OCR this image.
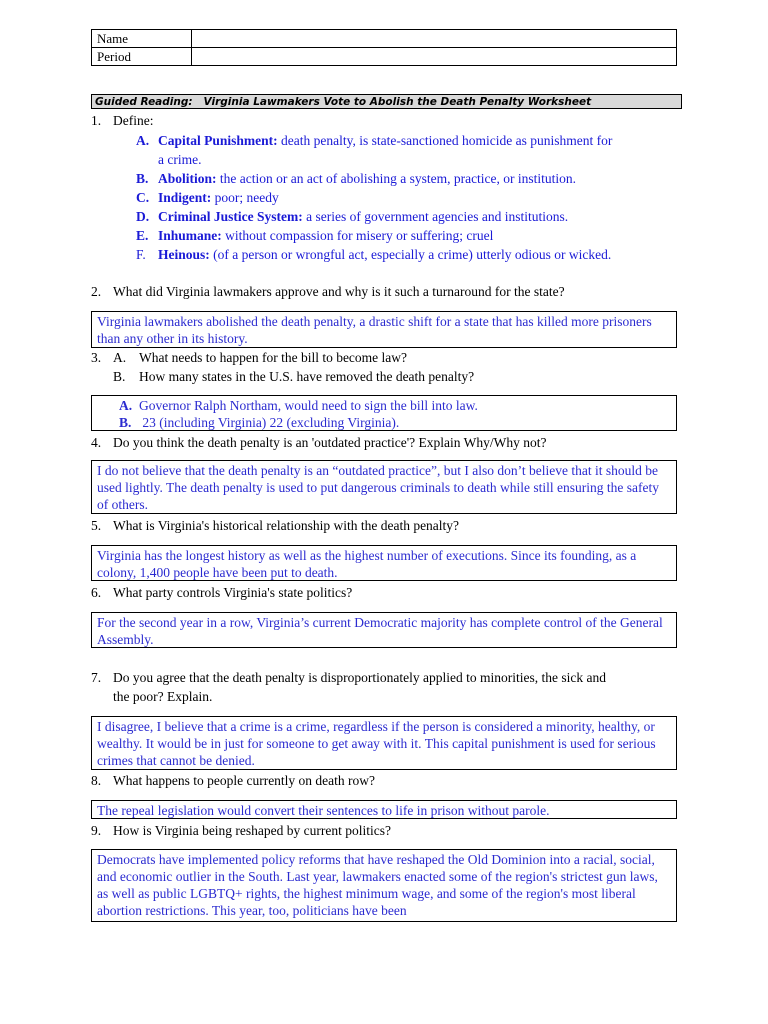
Name	
Period	
Guided Reading:   Virginia Lawmakers Vote to Abolish the Death Penalty Worksheet
1. Define:
A. Capital Punishment: death penalty, is state-sanctioned homicide as punishment for
a crime.
B. Abolition: the action or an act of abolishing a system, practice, or institution.
C. Indigent: poor; needy
D. Criminal Justice System: a series of government agencies and institutions.
E. Inhumane: without compassion for misery or suffering; cruel
F. Heinous: (of a person or wrongful act, especially a crime) utterly odious or wicked.
2. What did Virginia lawmakers approve and why is it such a turnaround for the state?
Virginia lawmakers abolished the death penalty, a drastic shift for a state that has killed more prisoners than any other in its history.
3. A. What needs to happen for the bill to become law?
B. How many states in the U.S. have removed the death penalty?
A. Governor Ralph Northam, would need to sign the bill into law.
B. 23 (including Virginia) 22 (excluding Virginia).
4. Do you think the death penalty is an 'outdated practice'? Explain Why/Why not?
I do not believe that the death penalty is an “outdated practice”, but I also don’t believe that it should be used lightly. The death penalty is used to put dangerous criminals to death while still ensuring the safety of others.
5. What is Virginia's historical relationship with the death penalty?
Virginia has the longest history as well as the highest number of executions. Since its founding, as a colony, 1,400 people have been put to death.
6. What party controls Virginia's state politics?
For the second year in a row, Virginia’s current Democratic majority has complete control of the General Assembly.
7. Do you agree that the death penalty is disproportionately applied to minorities, the sick and
the poor? Explain.
I disagree, I believe that a crime is a crime, regardless if the person is considered a minority, healthy, or wealthy. It would be in just for someone to get away with it. This capital punishment is used for serious crimes that cannot be denied.
8. What happens to people currently on death row?
The repeal legislation would convert their sentences to life in prison without parole.
9. How is Virginia being reshaped by current politics?
Democrats have implemented policy reforms that have reshaped the Old Dominion into a racial, social, and economic outlier in the South. Last year, lawmakers enacted some of the region's strictest gun laws, as well as public LGBTQ+ rights, the highest minimum wage, and some of the region's most liberal abortion restrictions. This year, too, politicians have been
